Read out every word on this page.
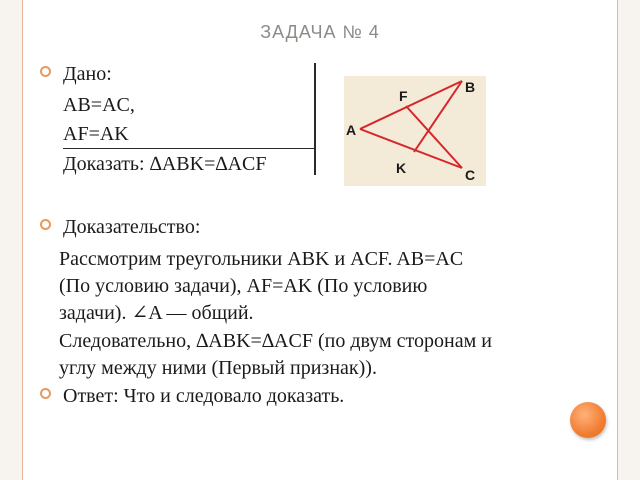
ЗАДАЧА № 4
Дано:
AB=AC,
AF=AK
Доказать: ∆ABK=∆ACF
A
B
C
F
K
Доказательство:
Рассмотрим треугольники ABK и ACF. AB=AC
(По условию задачи), AF=AK (По условию
задачи). ∠A — общий.
Следовательно, ∆ABK=∆ACF (по двум сторонам и
углу между ними (Первый признак)).
Ответ: Что и следовало доказать.
